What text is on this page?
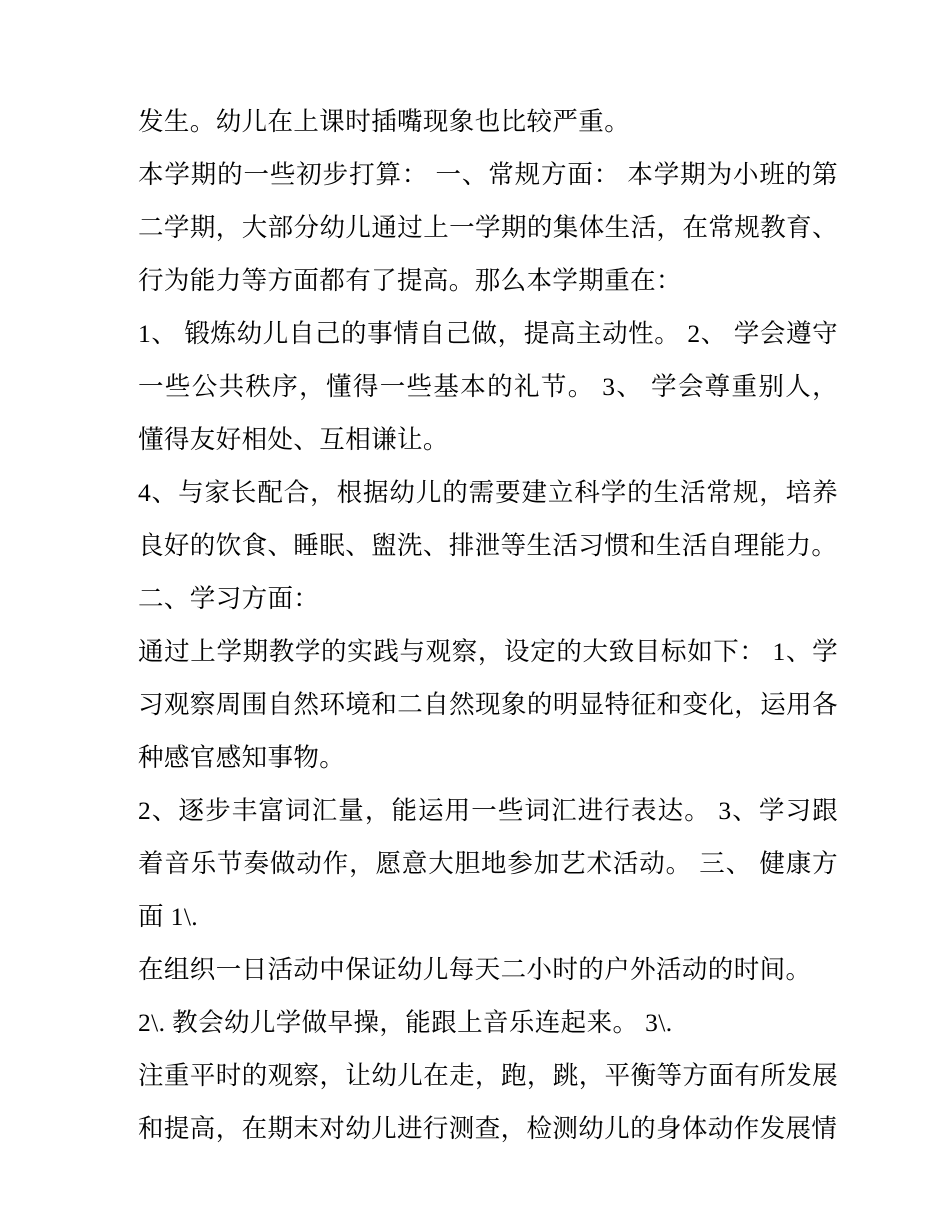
发生。幼儿在上课时插嘴现象也比较严重。

本学期的一些初步打算： 一、常规方面： 本学期为小班的第二学期，大部分幼儿通过上一学期的集体生活，在常规教育、行为能力等方面都有了提高。那么本学期重在：

1、 锻炼幼儿自己的事情自己做，提高主动性。 2、 学会遵守一些公共秩序，懂得一些基本的礼节。 3、 学会尊重别人，懂得友好相处、互相谦让。

4、与家长配合，根据幼儿的需要建立科学的生活常规，培养良好的饮食、睡眠、盥洗、排泄等生活习惯和生活自理能力。

二、学习方面：

通过上学期教学的实践与观察，设定的大致目标如下： 1、学习观察周围自然环境和二自然现象的明显特征和变化，运用各种感官感知事物。

2、逐步丰富词汇量，能运用一些词汇进行表达。 3、学习跟着音乐节奏做动作，愿意大胆地参加艺术活动。 三、 健康方面 1\.

在组织一日活动中保证幼儿每天二小时的户外活动的时间。

2\. 教会幼儿学做早操，能跟上音乐连起来。 3\.

注重平时的观察，让幼儿在走，跑，跳，平衡等方面有所发展和提高，在期末对幼儿进行测查，检测幼儿的身体动作发展情
